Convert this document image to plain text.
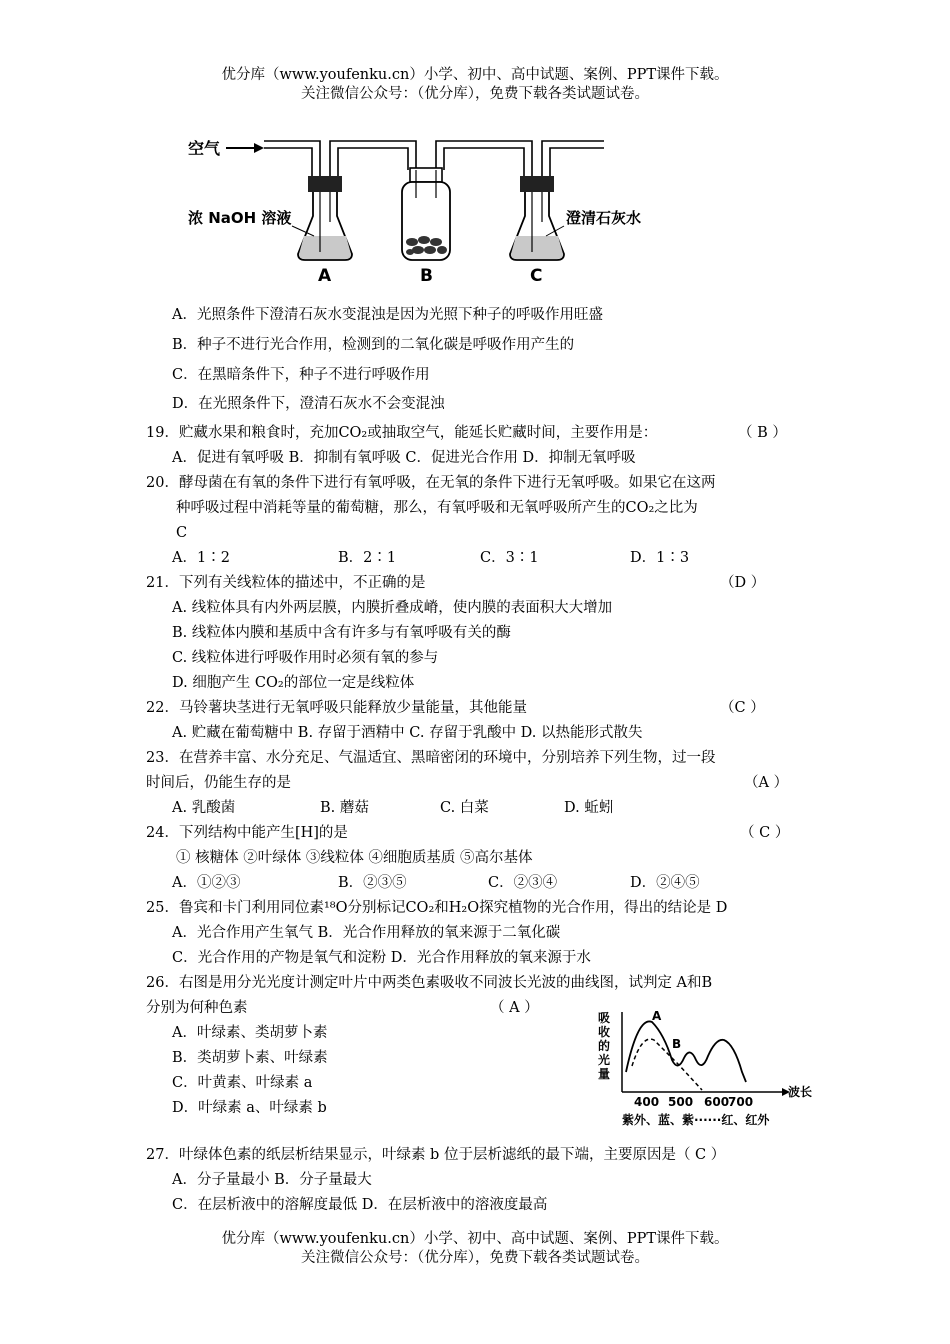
优分库（www.youfenku.cn）小学、初中、高中试题、案例、PPT课件下载。
关注微信公众号：（优分库），免费下载各类试题试卷。
空气
A	B	C
浓 NaOH 溶液	澄清石灰水
A．光照条件下澄清石灰水变混浊是因为光照下种子的呼吸作用旺盛
B．种子不进行光合作用，检测到的二氧化碳是呼吸作用产生的
C．在黑暗条件下，种子不进行呼吸作用
D．在光照条件下，澄清石灰水不会变混浊
19．贮藏水果和粮食时，充加CO₂或抽取空气，能延长贮藏时间，主要作用是：	（ B ）
A．促进有氧呼吸 B．抑制有氧呼吸 C．促进光合作用 D．抑制无氧呼吸
20．酵母菌在有氧的条件下进行有氧呼吸，在无氧的条件下进行无氧呼吸。如果它在这两
种呼吸过程中消耗等量的葡萄糖，那么，有氧呼吸和无氧呼吸所产生的CO₂之比为
C
A．1∶2	B．2∶1	C．3∶1	D．1∶3
21．下列有关线粒体的描述中，不正确的是	（D ）
A. 线粒体具有内外两层膜，内膜折叠成嵴，使内膜的表面积大大增加
B. 线粒体内膜和基质中含有许多与有氧呼吸有关的酶
C. 线粒体进行呼吸作用时必须有氧的参与
D. 细胞产生 CO₂的部位一定是线粒体
22．马铃薯块茎进行无氧呼吸只能释放少量能量，其他能量	（C ）
A. 贮藏在葡萄糖中 B. 存留于酒精中 C. 存留于乳酸中 D. 以热能形式散失
23．在营养丰富、水分充足、气温适宜、黑暗密闭的环境中，分别培养下列生物，过一段
时间后，仍能生存的是	（A ）
A. 乳酸菌	B. 蘑菇	C. 白菜	D. 蚯蚓
24．下列结构中能产生[H]的是	（ C ）
① 核糖体 ②叶绿体 ③线粒体 ④细胞质基质 ⑤高尔基体
A．①②③	B．②③⑤	C．②③④	D．②④⑤
25．鲁宾和卡门利用同位素¹⁸O分别标记CO₂和H₂O探究植物的光合作用，得出的结论是 D
A．光合作用产生氧气 B．光合作用释放的氧来源于二氧化碳
C．光合作用的产物是氧气和淀粉 D．光合作用释放的氧来源于水
26．右图是用分光光度计测定叶片中两类色素吸收不同波长光波的曲线图，试判定 A和B
分别为何种色素	（ A ）
A．叶绿素、类胡萝卜素
B．类胡萝卜素、叶绿素
C．叶黄素、叶绿素 a
D．叶绿素 a、叶绿素 b
吸
收
的
光
量
A
B
400 500 600
700
波长
紫外、蓝、紫······红、红外
27．叶绿体色素的纸层析结果显示，叶绿素 b 位于层析滤纸的最下端，主要原因是（ C ）
A．分子量最小 B．分子量最大
C．在层析液中的溶解度最低 D．在层析液中的溶液度最高
优分库（www.youfenku.cn）小学、初中、高中试题、案例、PPT课件下载。
关注微信公众号：（优分库），免费下载各类试题试卷。
